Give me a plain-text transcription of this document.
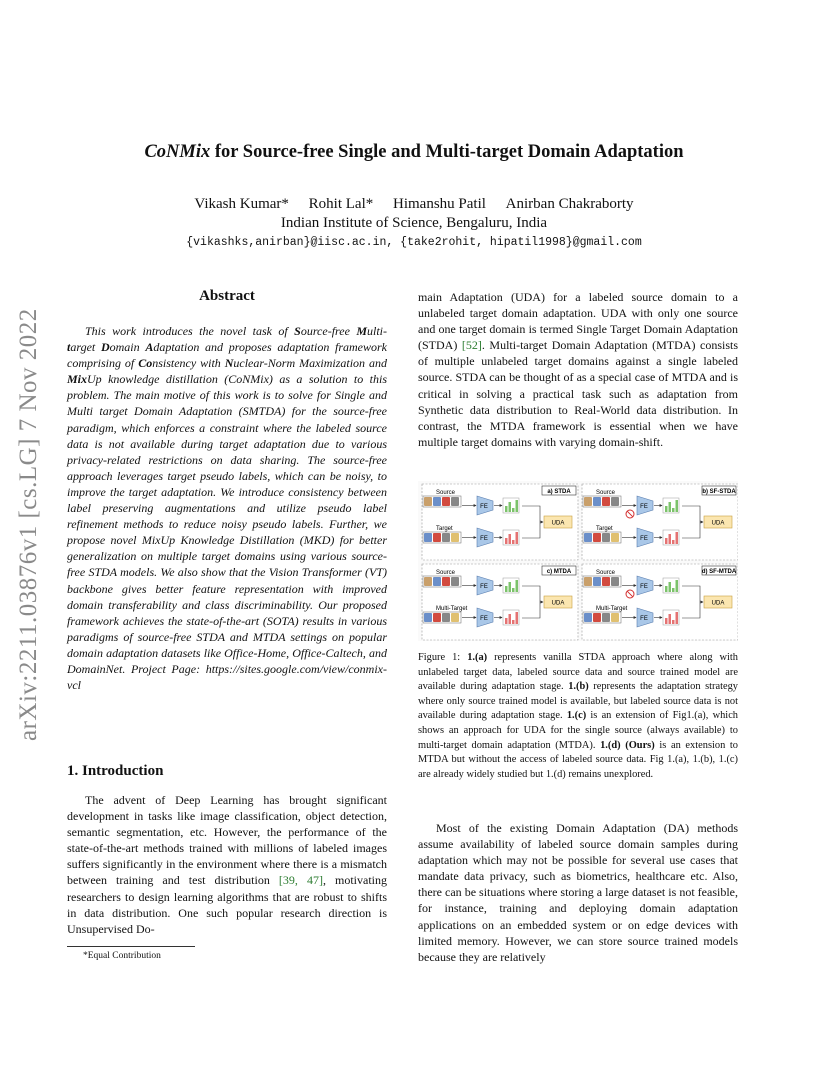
arXiv:2211.03876v1 [cs.LG] 7 Nov 2022
CoNMix for Source-free Single and Multi-target Domain Adaptation
Vikash Kumar* Rohit Lal* Himanshu Patil Anirban Chakraborty
Indian Institute of Science, Bengaluru, India
{vikashks,anirban}@iisc.ac.in, {take2rohit, hipatil1998}@gmail.com
Abstract

This work introduces the novel task of Source-free Multi-target Domain Adaptation and proposes adaptation framework comprising of Consistency with Nuclear-Norm Maximization and MixUp knowledge distillation (CoNMix) as a solution to this problem. The main motive of this work is to solve for Single and Multi target Domain Adaptation (SMTDA) for the source-free paradigm, which enforces a constraint where the labeled source data is not available during target adaptation due to various privacy-related restrictions on data sharing. The source-free approach leverages target pseudo labels, which can be noisy, to improve the target adaptation. We introduce consistency between label preserving augmentations and utilize pseudo label refinement methods to reduce noisy pseudo labels. Further, we propose novel MixUp Knowledge Distillation (MKD) for better generalization on multiple target domains using various source-free STDA models. We also show that the Vision Transformer (VT) backbone gives better feature representation with improved domain transferability and class discriminability. Our proposed framework achieves the state-of-the-art (SOTA) results in various paradigms of source-free STDA and MTDA settings on popular domain adaptation datasets like Office-Home, Office-Caltech, and DomainNet. Project Page: https://sites.google.com/view/conmix-vcl

1. Introduction

The advent of Deep Learning has brought significant development in tasks like image classification, object detection, semantic segmentation, etc. However, the performance of the state-of-the-art methods trained with millions of labeled images suffers significantly in the environment where there is a mismatch between training and test distribution [39, 47], motivating researchers to design learning algorithms that are robust to shifts in data distribution. One such popular research direction is Unsupervised Do-

*Equal Contribution

main Adaptation (UDA) for a labeled source domain to a unlabeled target domain adaptation. UDA with only one source and one target domain is termed Single Target Domain Adaptation (STDA) [52]. Multi-target Domain Adaptation (MTDA) consists of multiple unlabeled target domains against a single labeled source. STDA can be thought of as a special case of MTDA and is critical in solving a practical task such as adaptation from Synthetic data distribution to Real-World data distribution. In contrast, the MTDA framework is essential when we have multiple target domains with varying domain-shift.

a) STDA
Source
Target
FE
FE
UDA
b) SF-STDA
Source
Target
FE
FE
UDA
c) MTDA
Source
Multi-Target
FE
FE
UDA
d) SF-MTDA
Source
Multi-Target
FE
FE
UDA

Figure 1: 1.(a) represents vanilla STDA approach where along with unlabeled target data, labeled source data and source trained model are available during adaptation stage. 1.(b) represents the adaptation strategy where only source trained model is available, but labeled source data is not available during adaptation stage. 1.(c) is an extension of Fig1.(a), which shows an approach for UDA for the single source (always available) to multi-target domain adaptation (MTDA). 1.(d) (Ours) is an extension to MTDA but without the access of labeled source data. Fig 1.(a), 1.(b), 1.(c) are already widely studied but 1.(d) remains unexplored.

Most of the existing Domain Adaptation (DA) methods assume availability of labeled source domain samples during adaptation which may not be possible for several use cases that mandate data privacy, such as biometrics, healthcare etc. Also, there can be situations where storing a large dataset is not feasible, for instance, training and deploying domain adaptation applications on an embedded system or on edge devices with limited memory. However, we can store source trained models because they are relatively
